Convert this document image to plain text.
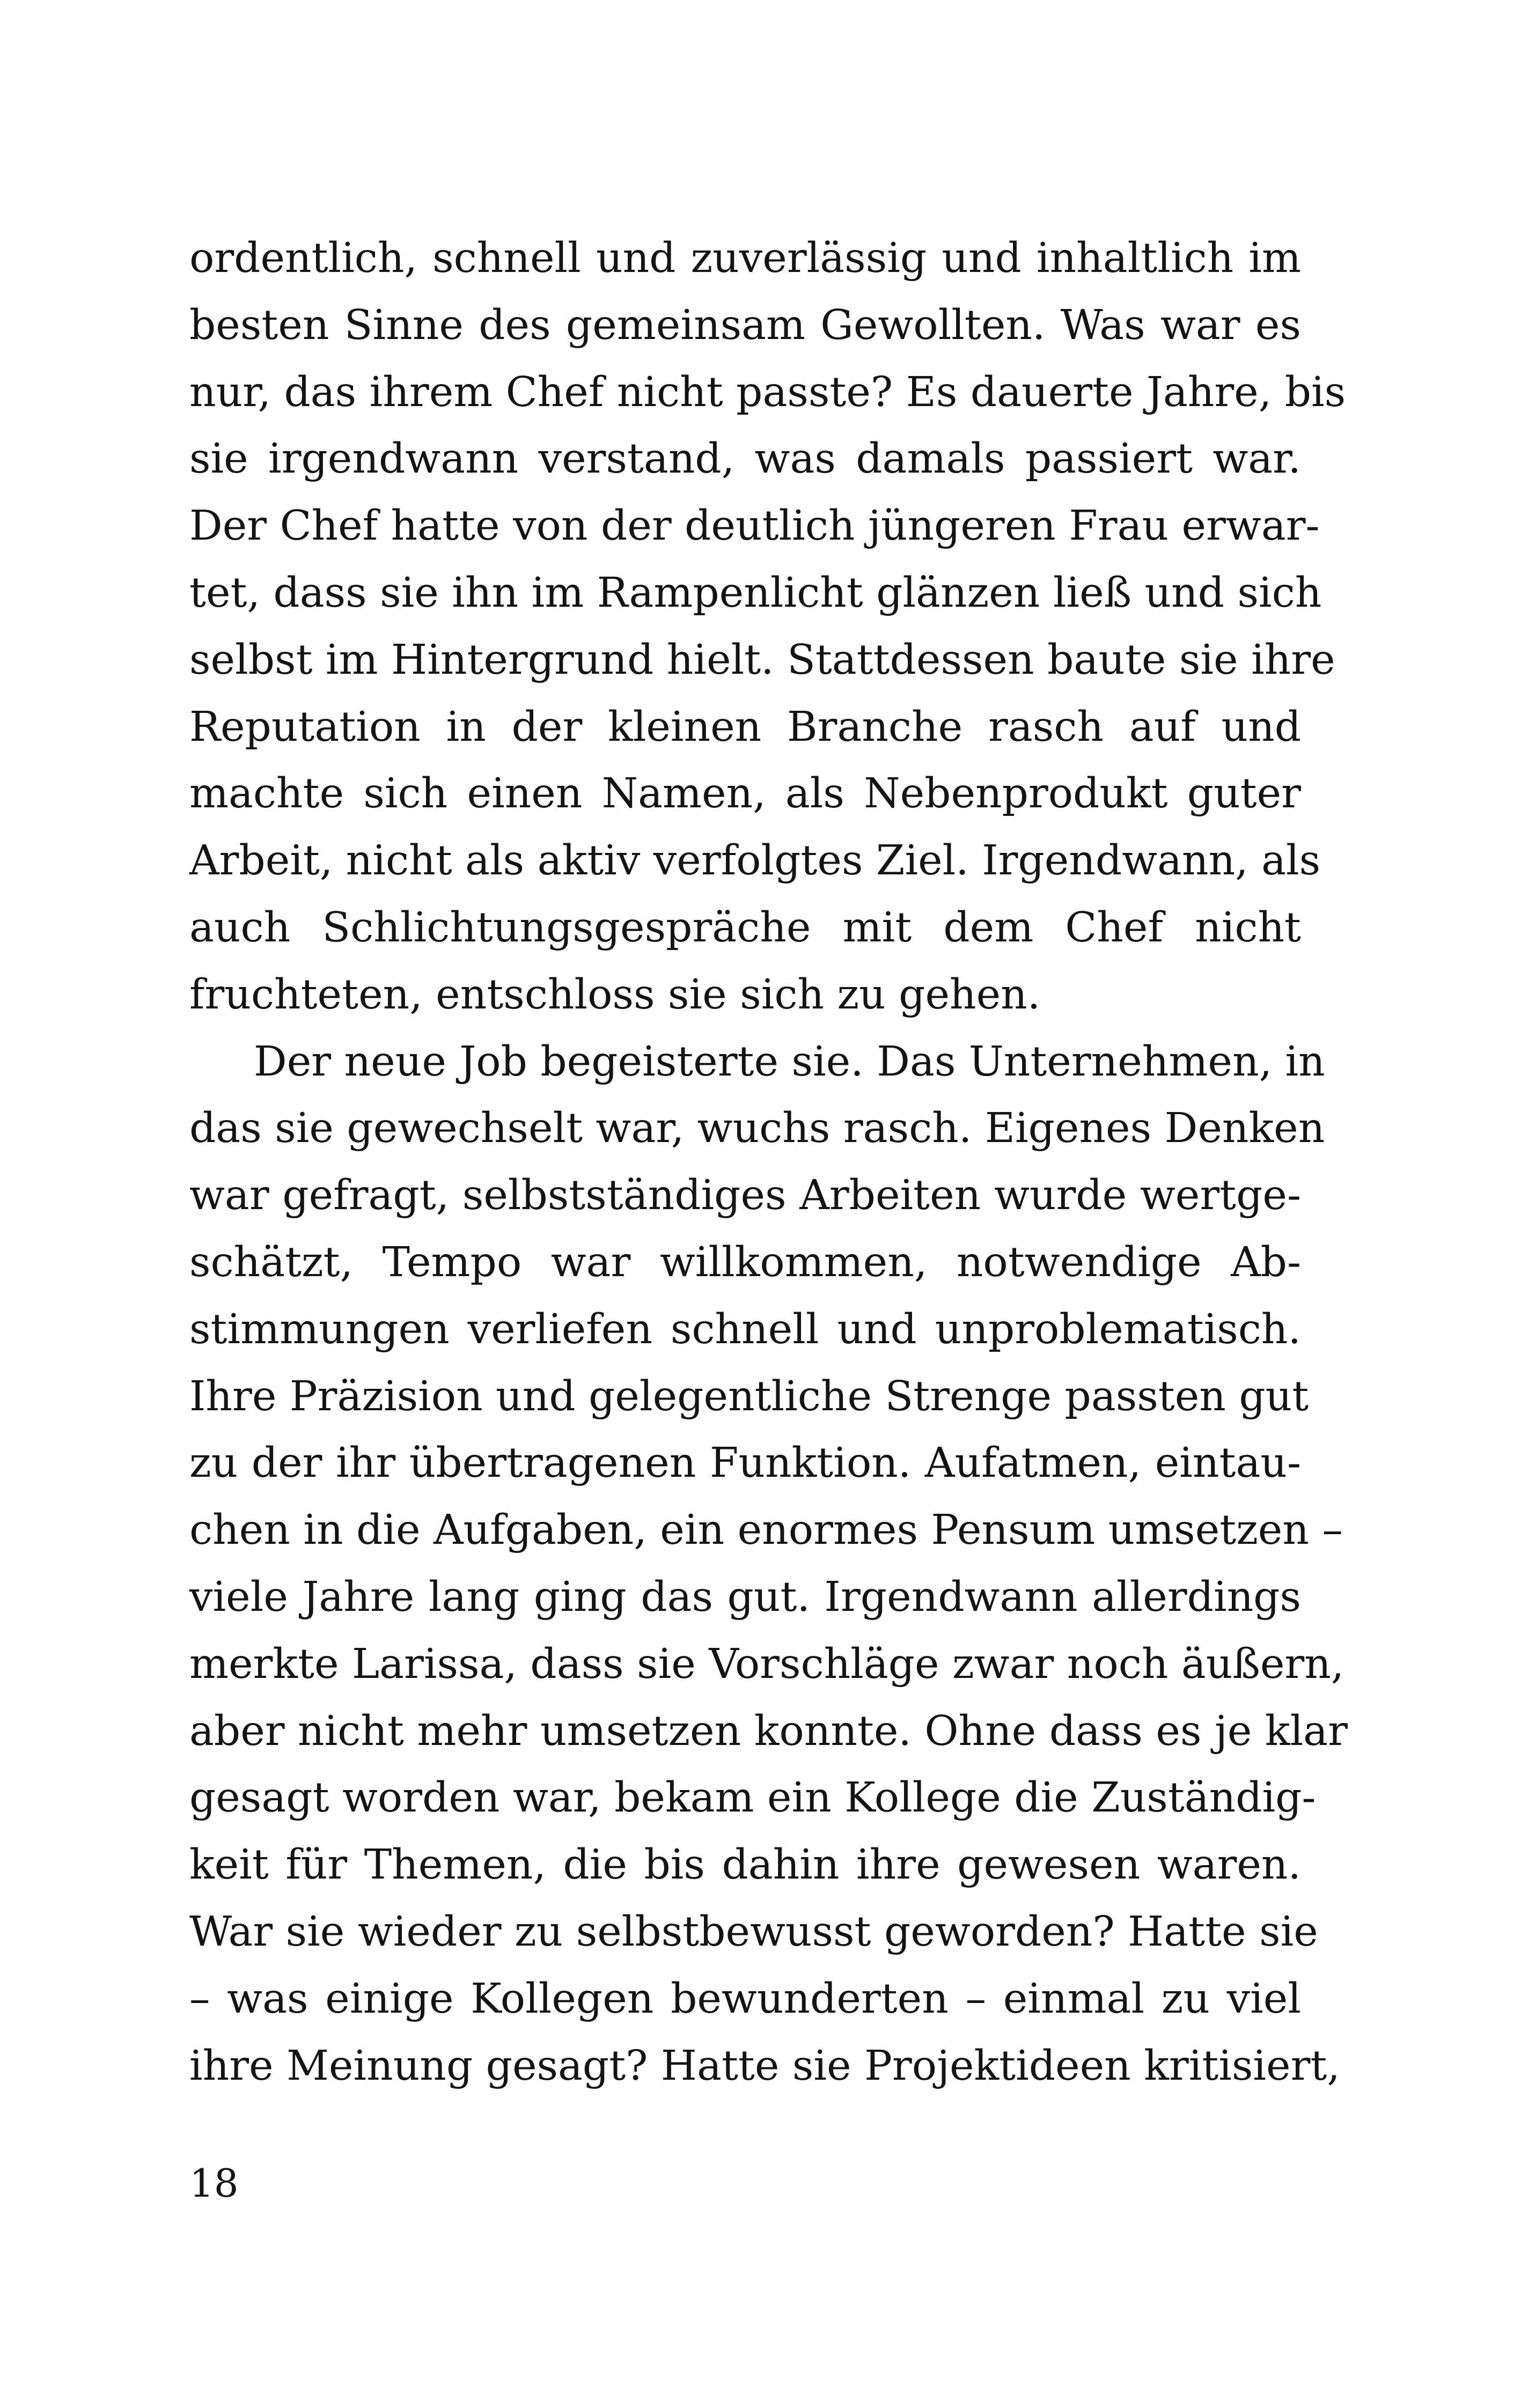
ordentlich, schnell und zuverlässig und inhaltlich im
besten Sinne des gemeinsam Gewollten. Was war es
nur, das ihrem Chef nicht passte? Es dauerte Jahre, bis
sie irgendwann verstand, was damals passiert war.
Der Chef hatte von der deutlich jüngeren Frau erwar-
tet, dass sie ihn im Rampenlicht glänzen ließ und sich
selbst im Hintergrund hielt. Stattdessen baute sie ihre
Reputation in der kleinen Branche rasch auf und
machte sich einen Namen, als Nebenprodukt guter
Arbeit, nicht als aktiv verfolgtes Ziel. Irgendwann, als
auch Schlichtungsgespräche mit dem Chef nicht
fruchteten, entschloss sie sich zu gehen.
Der neue Job begeisterte sie. Das Unternehmen, in
das sie gewechselt war, wuchs rasch. Eigenes Denken
war gefragt, selbstständiges Arbeiten wurde wertge-
schätzt, Tempo war willkommen, notwendige Ab-
stimmungen verliefen schnell und unproblematisch.
Ihre Präzision und gelegentliche Strenge passten gut
zu der ihr übertragenen Funktion. Aufatmen, eintau-
chen in die Aufgaben, ein enormes Pensum umsetzen –
viele Jahre lang ging das gut. Irgendwann allerdings
merkte Larissa, dass sie Vorschläge zwar noch äußern,
aber nicht mehr umsetzen konnte. Ohne dass es je klar
gesagt worden war, bekam ein Kollege die Zuständig-
keit für Themen, die bis dahin ihre gewesen waren.
War sie wieder zu selbstbewusst geworden? Hatte sie
– was einige Kollegen bewunderten – einmal zu viel
ihre Meinung gesagt? Hatte sie Projektideen kritisiert,
18
